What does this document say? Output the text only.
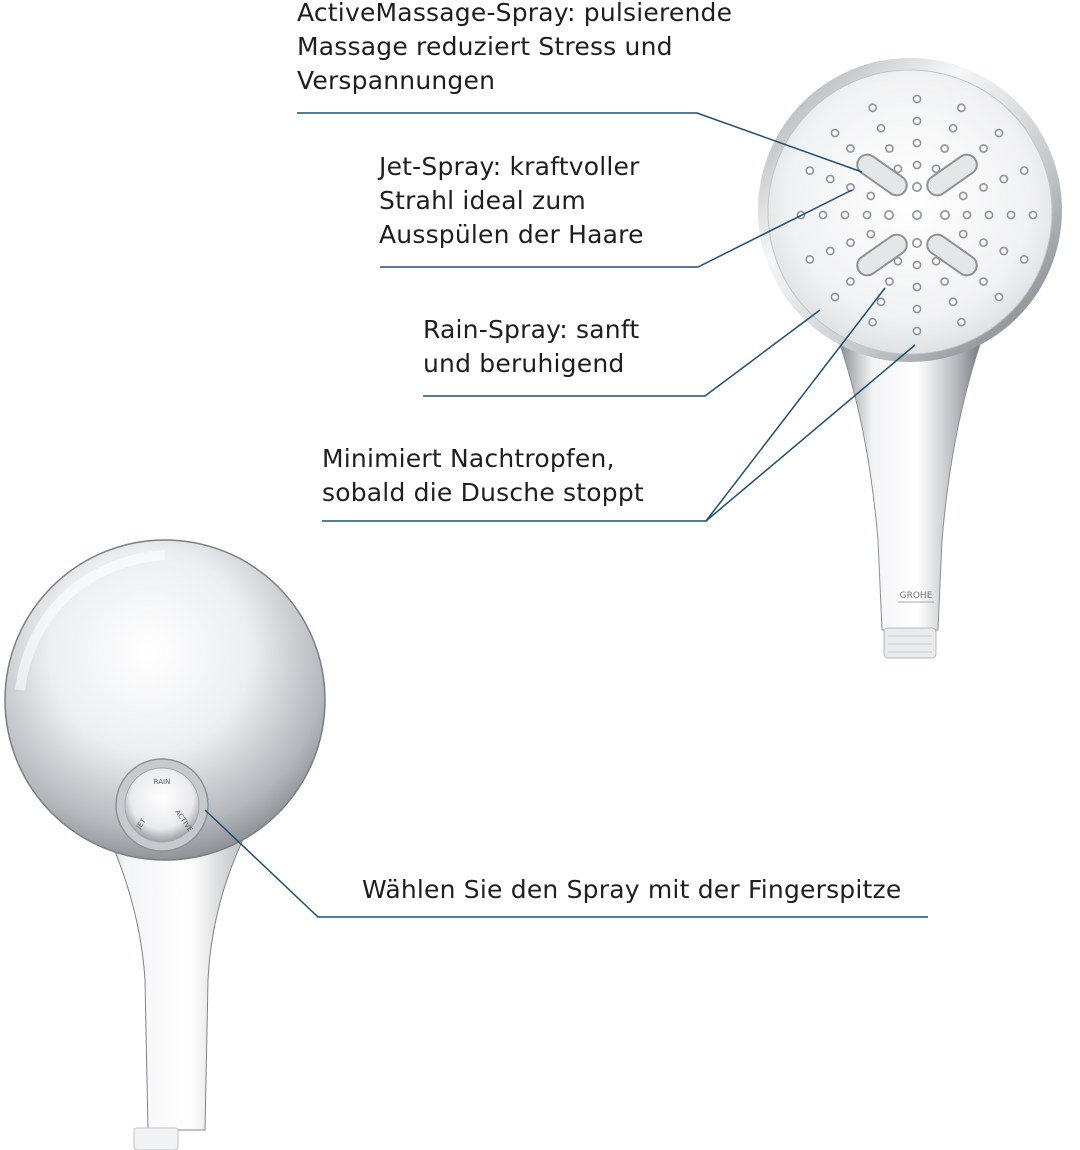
GROHE
RAIN
JET	ACTIVE
ActiveMassage-Spray: pulsierende
Massage reduziert Stress und
Verspannungen
Jet-Spray: kraftvoller
Strahl ideal zum
Ausspülen der Haare
Rain-Spray: sanft
und beruhigend
Minimiert Nachtropfen,
sobald die Dusche stoppt
Wählen Sie den Spray mit der Fingerspitze
